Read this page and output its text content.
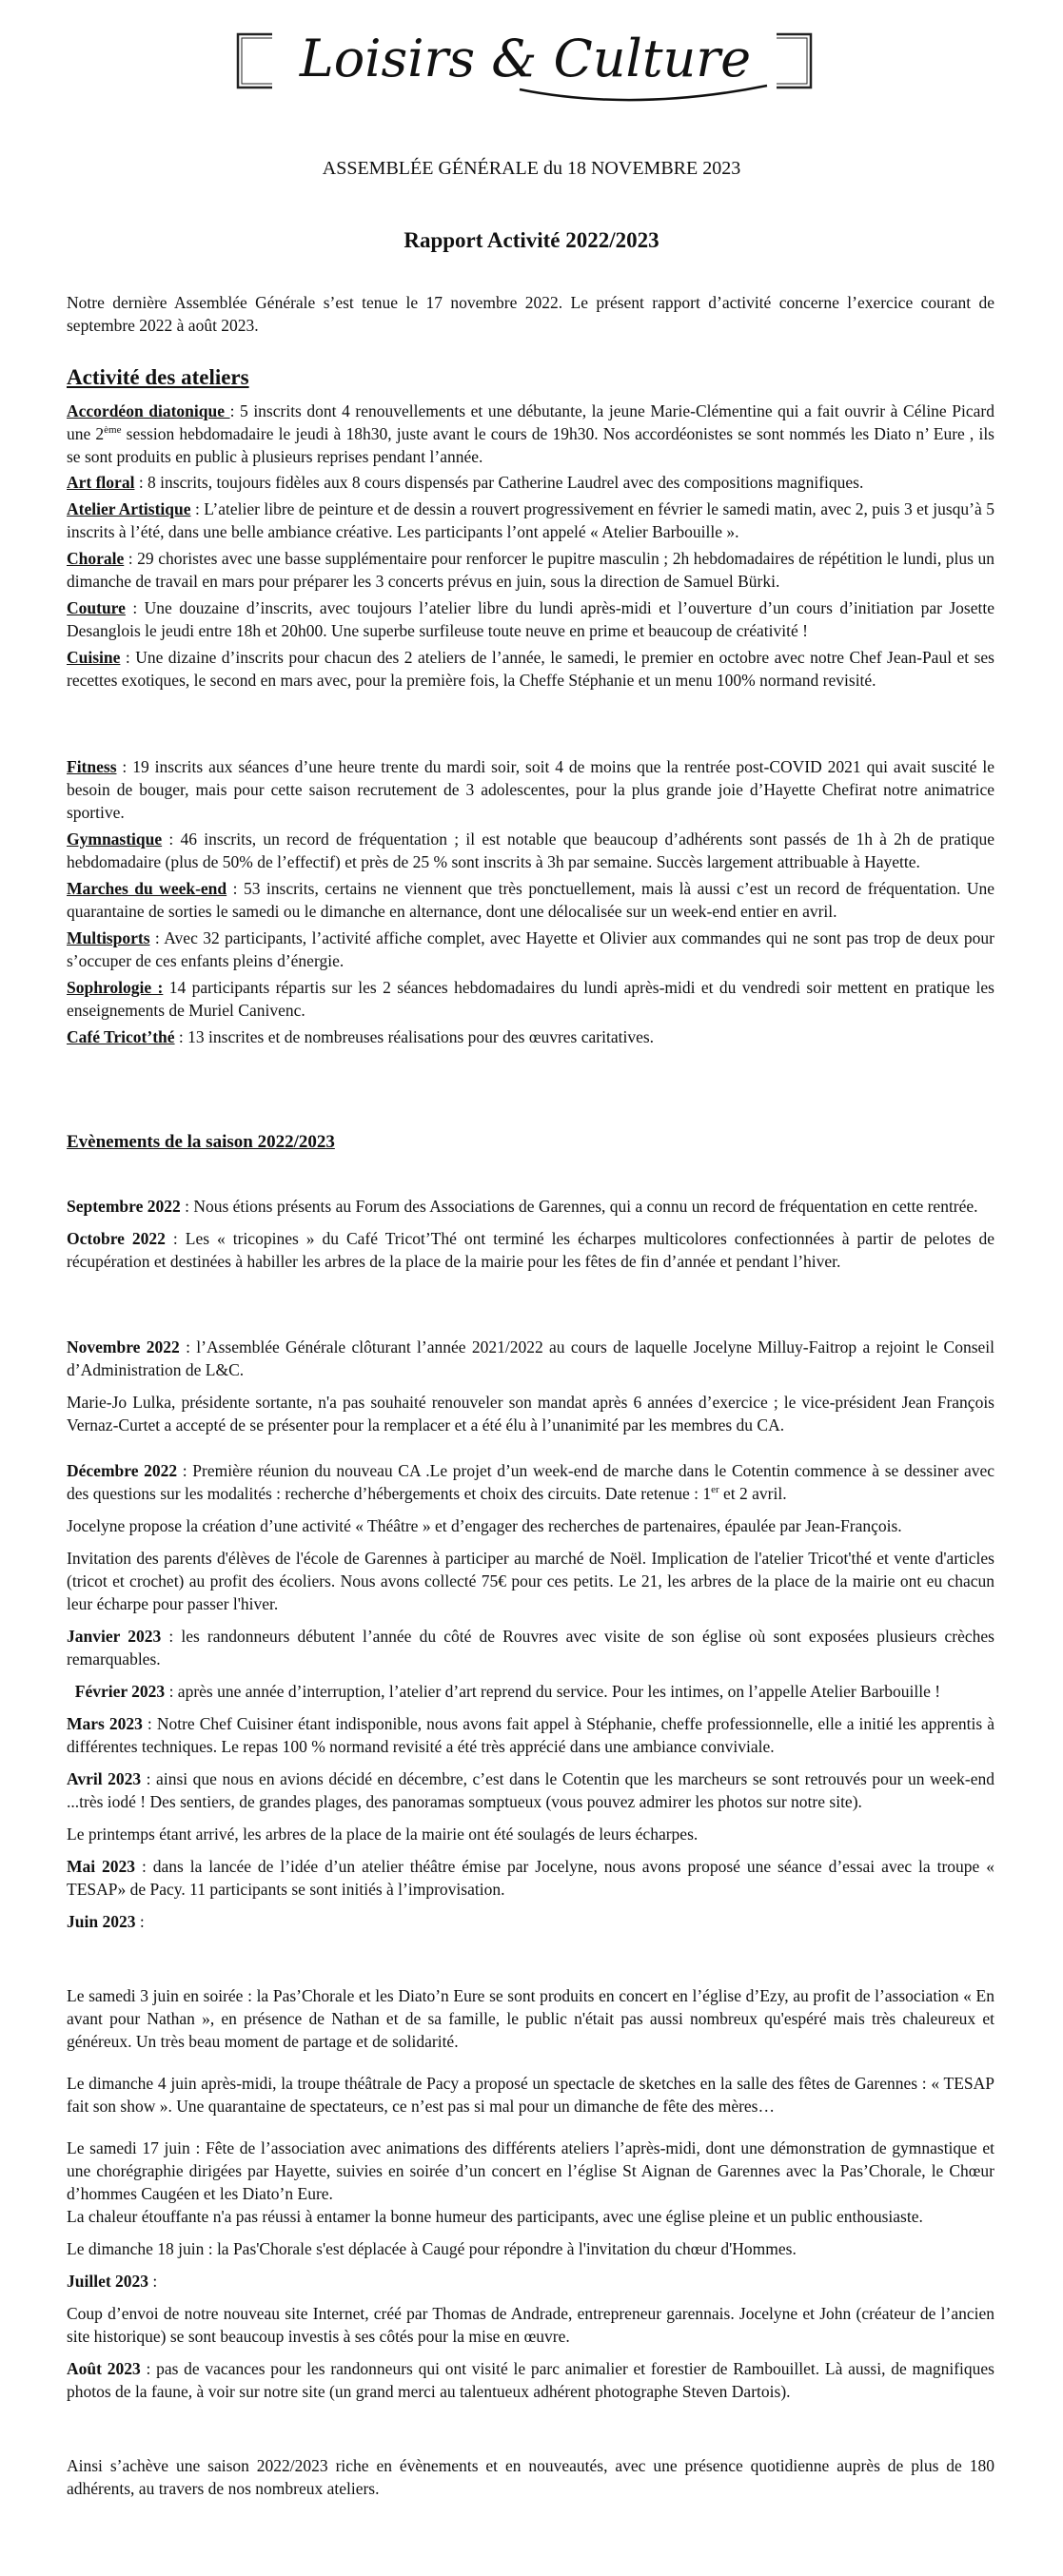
Loisirs & Culture
ASSEMBLÉE GÉNÉRALE du 18 NOVEMBRE 2023
Rapport Activité 2022/2023

Notre dernière Assemblée Générale s’est tenue le 17 novembre 2022. Le présent rapport d’activité concerne l’exercice courant de septembre 2022 à août 2023.

Activité des ateliers

Accordéon diatonique : 5 inscrits dont 4 renouvellements et une débutante, la jeune Marie-Clémentine qui a fait ouvrir à Céline Picard une 2ème session hebdomadaire le jeudi à 18h30, juste avant le cours de 19h30. Nos accordéonistes se sont nommés les Diato n’ Eure , ils se sont produits en public à plusieurs reprises pendant l’année.

Art floral : 8 inscrits, toujours fidèles aux 8 cours dispensés par Catherine Laudrel avec des compositions magnifiques.

Atelier Artistique : L’atelier libre de peinture et de dessin a rouvert progressivement en février le samedi matin, avec 2, puis 3 et jusqu’à 5 inscrits à l’été, dans une belle ambiance créative. Les participants l’ont appelé « Atelier Barbouille ».

Chorale : 29 choristes avec une basse supplémentaire pour renforcer le pupitre masculin ; 2h hebdomadaires de répétition le lundi, plus un dimanche de travail en mars pour préparer les 3 concerts prévus en juin, sous la direction de Samuel Bürki.

Couture : Une douzaine d’inscrits, avec toujours l’atelier libre du lundi après-midi et l’ouverture d’un cours d’initiation par Josette Desanglois le jeudi entre 18h et 20h00. Une superbe surfileuse toute neuve en prime et beaucoup de créativité !

Cuisine : Une dizaine d’inscrits pour chacun des 2 ateliers de l’année, le samedi, le premier en octobre avec notre Chef Jean-Paul et ses recettes exotiques, le second en mars avec, pour la première fois, la Cheffe Stéphanie et un menu 100% normand revisité.

Fitness : 19 inscrits aux séances d’une heure trente du mardi soir, soit 4 de moins que la rentrée post-COVID 2021 qui avait suscité le besoin de bouger, mais pour cette saison recrutement de 3 adolescentes, pour la plus grande joie d’Hayette Chefirat notre animatrice sportive.

Gymnastique : 46 inscrits, un record de fréquentation ; il est notable que beaucoup d’adhérents sont passés de 1h à 2h de pratique hebdomadaire (plus de 50% de l’effectif) et près de 25 % sont inscrits à 3h par semaine. Succès largement attribuable à Hayette.

Marches du week-end : 53 inscrits, certains ne viennent que très ponctuellement, mais là aussi c’est un record de fréquentation. Une quarantaine de sorties le samedi ou le dimanche en alternance, dont une délocalisée sur un week-end entier en avril.

Multisports : Avec 32 participants, l’activité affiche complet, avec Hayette et Olivier aux commandes qui ne sont pas trop de deux pour s’occuper de ces enfants pleins d’énergie.

Sophrologie : 14 participants répartis sur les 2 séances hebdomadaires du lundi après-midi et du vendredi soir mettent en pratique les enseignements de Muriel Canivenc.

Café Tricot’thé : 13 inscrites et de nombreuses réalisations pour des œuvres caritatives.

Evènements de la saison 2022/2023

Septembre 2022 : Nous étions présents au Forum des Associations de Garennes, qui a connu un record de fréquentation en cette rentrée.

Octobre 2022 : Les « tricopines » du Café Tricot’Thé ont terminé les écharpes multicolores confectionnées à partir de pelotes de récupération et destinées à habiller les arbres de la place de la mairie pour les fêtes de fin d’année et pendant l’hiver.

Novembre 2022 : l’Assemblée Générale clôturant l’année 2021/2022 au cours de laquelle Jocelyne Milluy-Faitrop a rejoint le Conseil d’Administration de L&C.

Marie-Jo Lulka, présidente sortante, n'a pas souhaité renouveler son mandat après 6 années d’exercice ; le vice-président Jean François Vernaz-Curtet a accepté de se présenter pour la remplacer et a été élu à l’unanimité par les membres du CA.

Décembre 2022 : Première réunion du nouveau CA .Le projet d’un week-end de marche dans le Cotentin commence à se dessiner avec des questions sur les modalités : recherche d’hébergements et choix des circuits. Date retenue : 1er et 2 avril.

Jocelyne propose la création d’une activité « Théâtre » et d’engager des recherches de partenaires, épaulée par Jean-François.

Invitation des parents d'élèves de l'école de Garennes à participer au marché de Noël. Implication de l'atelier Tricot'thé et vente d'articles (tricot et crochet) au profit des écoliers. Nous avons collecté 75€ pour ces petits. Le 21, les arbres de la place de la mairie ont eu chacun leur écharpe pour passer l'hiver.

Janvier 2023 : les randonneurs débutent l’année du côté de Rouvres avec visite de son église où sont exposées plusieurs crèches remarquables.

Février 2023 : après une année d’interruption, l’atelier d’art reprend du service. Pour les intimes, on l’appelle Atelier Barbouille !

Mars 2023 : Notre Chef Cuisiner étant indisponible, nous avons fait appel à Stéphanie, cheffe professionnelle, elle a initié les apprentis à différentes techniques. Le repas 100 % normand revisité a été très apprécié dans une ambiance conviviale.

Avril 2023 : ainsi que nous en avions décidé en décembre, c’est dans le Cotentin que les marcheurs se sont retrouvés pour un week-end ...très iodé ! Des sentiers, de grandes plages, des panoramas somptueux (vous pouvez admirer les photos sur notre site).

Le printemps étant arrivé, les arbres de la place de la mairie ont été soulagés de leurs écharpes.

Mai 2023 : dans la lancée de l’idée d’un atelier théâtre émise par Jocelyne, nous avons proposé une séance d’essai avec la troupe « TESAP» de Pacy. 11 participants se sont initiés à l’improvisation.

Juin 2023 :

Le samedi 3 juin en soirée : la Pas’Chorale et les Diato’n Eure se sont produits en concert en l’église d’Ezy, au profit de l’association « En avant pour Nathan », en présence de Nathan et de sa famille, le public n'était pas aussi nombreux qu'espéré mais très chaleureux et généreux. Un très beau moment de partage et de solidarité.

Le dimanche 4 juin après-midi, la troupe théâtrale de Pacy a proposé un spectacle de sketches en la salle des fêtes de Garennes : « TESAP fait son show ». Une quarantaine de spectateurs, ce n’est pas si mal pour un dimanche de fête des mères…

Le samedi 17 juin : Fête de l’association avec animations des différents ateliers l’après-midi, dont une démonstration de gymnastique et une chorégraphie dirigées par Hayette, suivies en soirée d’un concert en l’église St Aignan de Garennes avec la Pas’Chorale, le Chœur d’hommes Caugéen et les Diato’n Eure.

La chaleur étouffante n'a pas réussi à entamer la bonne humeur des participants, avec une église pleine et un public enthousiaste.

Le dimanche 18 juin : la Pas'Chorale s'est déplacée à Caugé pour répondre à l'invitation du chœur d'Hommes.

Juillet 2023 :

Coup d’envoi de notre nouveau site Internet, créé par Thomas de Andrade, entrepreneur garennais. Jocelyne et John (créateur de l’ancien site historique) se sont beaucoup investis à ses côtés pour la mise en œuvre.

Août 2023 : pas de vacances pour les randonneurs qui ont visité le parc animalier et forestier de Rambouillet. Là aussi, de magnifiques photos de la faune, à voir sur notre site (un grand merci au talentueux adhérent photographe Steven Dartois).

Ainsi s’achève une saison 2022/2023 riche en évènements et en nouveautés, avec une présence quotidienne auprès de plus de 180 adhérents, au travers de nos nombreux ateliers.
